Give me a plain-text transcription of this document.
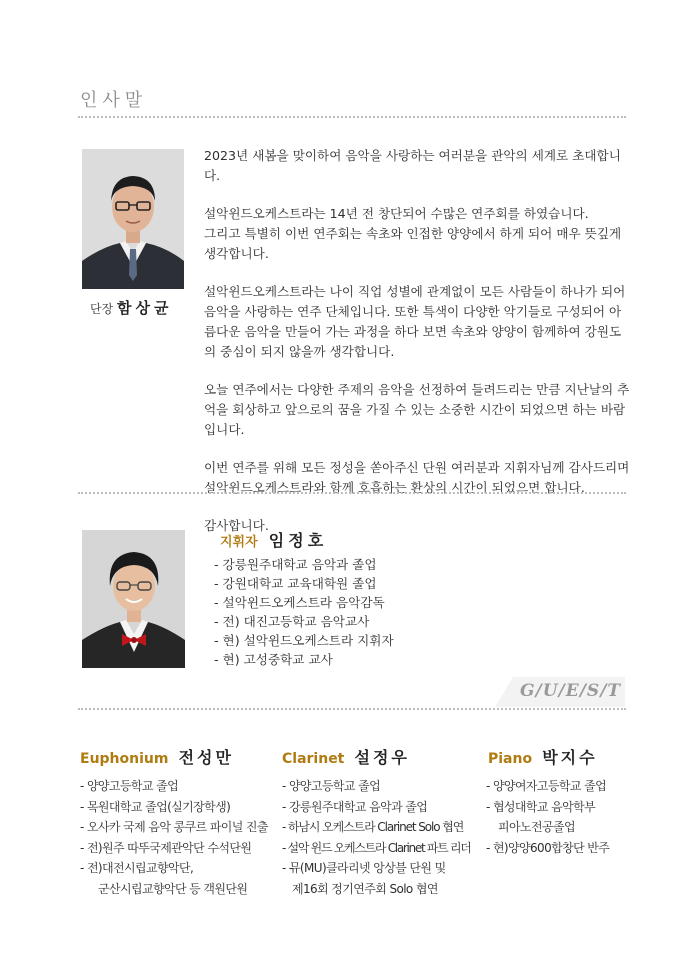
인사말
단장 함상균

2023년 새봄을 맞이하여 음악을 사랑하는 여러분을 관악의 세계로 초대합니다.

설악윈드오케스트라는 14년 전 창단되어 수많은 연주회를 하였습니다.
그리고 특별히 이번 연주회는 속초와 인접한 양양에서 하게 되어 매우 뜻깊게 생각합니다.

설악윈드오케스트라는 나이 직업 성별에 관계없이 모든 사람들이 하나가 되어 음악을 사랑하는 연주 단체입니다. 또한 특색이 다양한 악기들로 구성되어 아름다운 음악을 만들어 가는 과정을 하다 보면 속초와 양양이 함께하여 강원도의 중심이 되지 않을까 생각합니다.

오늘 연주에서는 다양한 주제의 음악을 선정하여 들려드리는 만큼 지난날의 추억을 회상하고 앞으로의 꿈을 가질 수 있는 소중한 시간이 되었으면 하는 바람입니다.

이번 연주를 위해 모든 정성을 쏟아주신 단원 여러분과 지휘자님께 감사드리며 설악윈드오케스트라와 함께 호흡하는 환상의 시간이 되었으면 합니다.

감사합니다.

지휘자 임정호
- 강릉원주대학교 음악과 졸업
- 강원대학교 교육대학원 졸업
- 설악윈드오케스트라 음악감독
- 전) 대진고등학교 음악교사
- 현) 설악윈드오케스트라 지휘자
- 현) 고성중학교 교사
G/U/E/S/T
Euphonium 전성만
- 양양고등학교 졸업
- 목원대학교 졸업(실기장학생)
- 오사카 국제 음악 콩쿠르 파이널 진출
- 전)원주 따뚜국제관악단 수석단원
- 전)대전시립교향악단,
군산시립교향악단 등 객원단원
Clarinet 설정우
- 양양고등학교 졸업
- 강릉원주대학교 음악과 졸업
- 하남시 오케스트라 Clarinet Solo 협연
- 설악 윈드 오케스트라 Clarinet 파트 리더
- 뮤(MU)클라리넷 앙상블 단원 및
제16회 정기연주회 Solo 협연
Piano 박지수
- 양양여자고등학교 졸업
- 협성대학교 음악학부
피아노전공졸업
- 현)양양600합창단 반주
